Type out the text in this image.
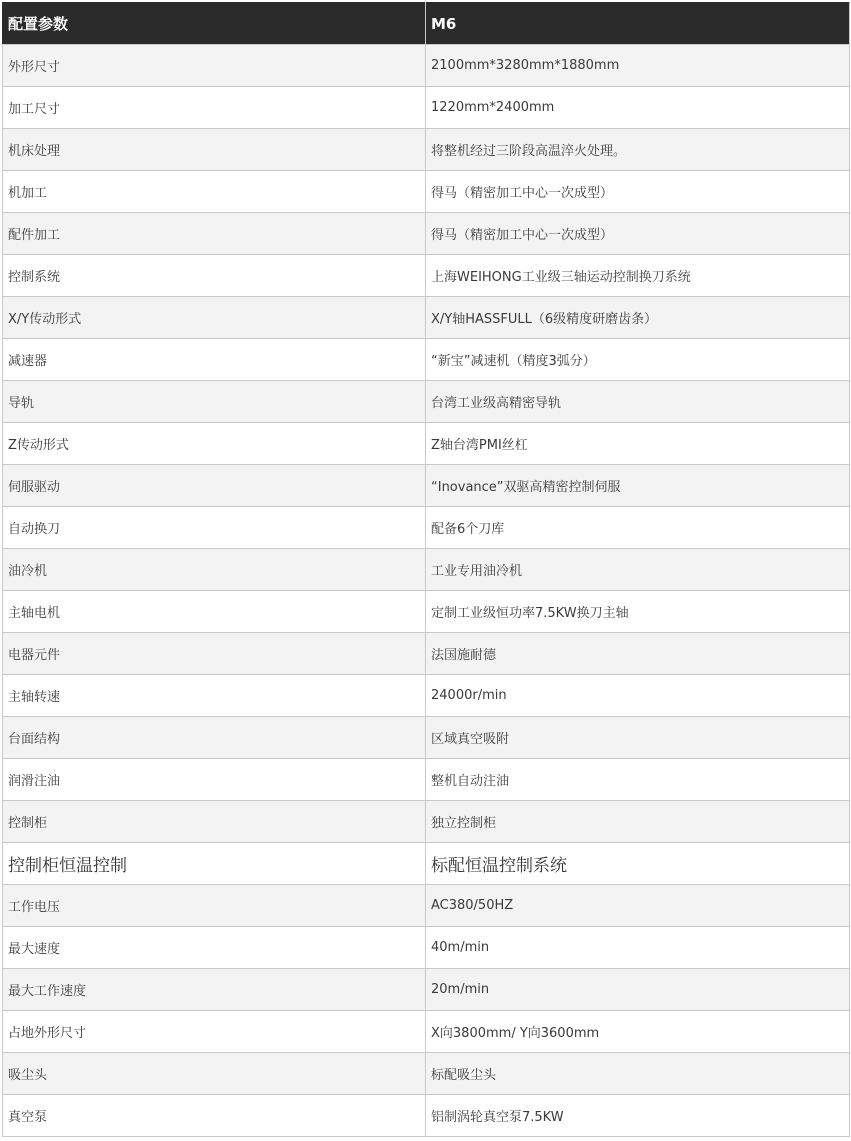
配置参数	M6
外形尺寸	2100mm*3280mm*1880mm
加工尺寸	1220mm*2400mm
机床处理	将整机经过三阶段高温淬火处理。
机加工	得马（精密加工中心一次成型）
配件加工	得马（精密加工中心一次成型）
控制系统	上海WEIHONG工业级三轴运动控制换刀系统
X/Y传动形式	X/Y轴HASSFULL（6级精度研磨齿条）
减速器	“新宝”减速机（精度3弧分）
导轨	台湾工业级高精密导轨
Z传动形式	Z轴台湾PMI丝杠
伺服驱动	“Inovance”双驱高精密控制伺服
自动换刀	配备6个刀库
油冷机	工业专用油冷机
主轴电机	定制工业级恒功率7.5KW换刀主轴
电器元件	法国施耐德
主轴转速	24000r/min
台面结构	区域真空吸附
润滑注油	整机自动注油
控制柜	独立控制柜
控制柜恒温控制	标配恒温控制系统
工作电压	AC380/50HZ
最大速度	40m/min
最大工作速度	20m/min
占地外形尺寸	X向3800mm/ Y向3600mm
吸尘头	标配吸尘头
真空泵	铝制涡轮真空泵7.5KW
